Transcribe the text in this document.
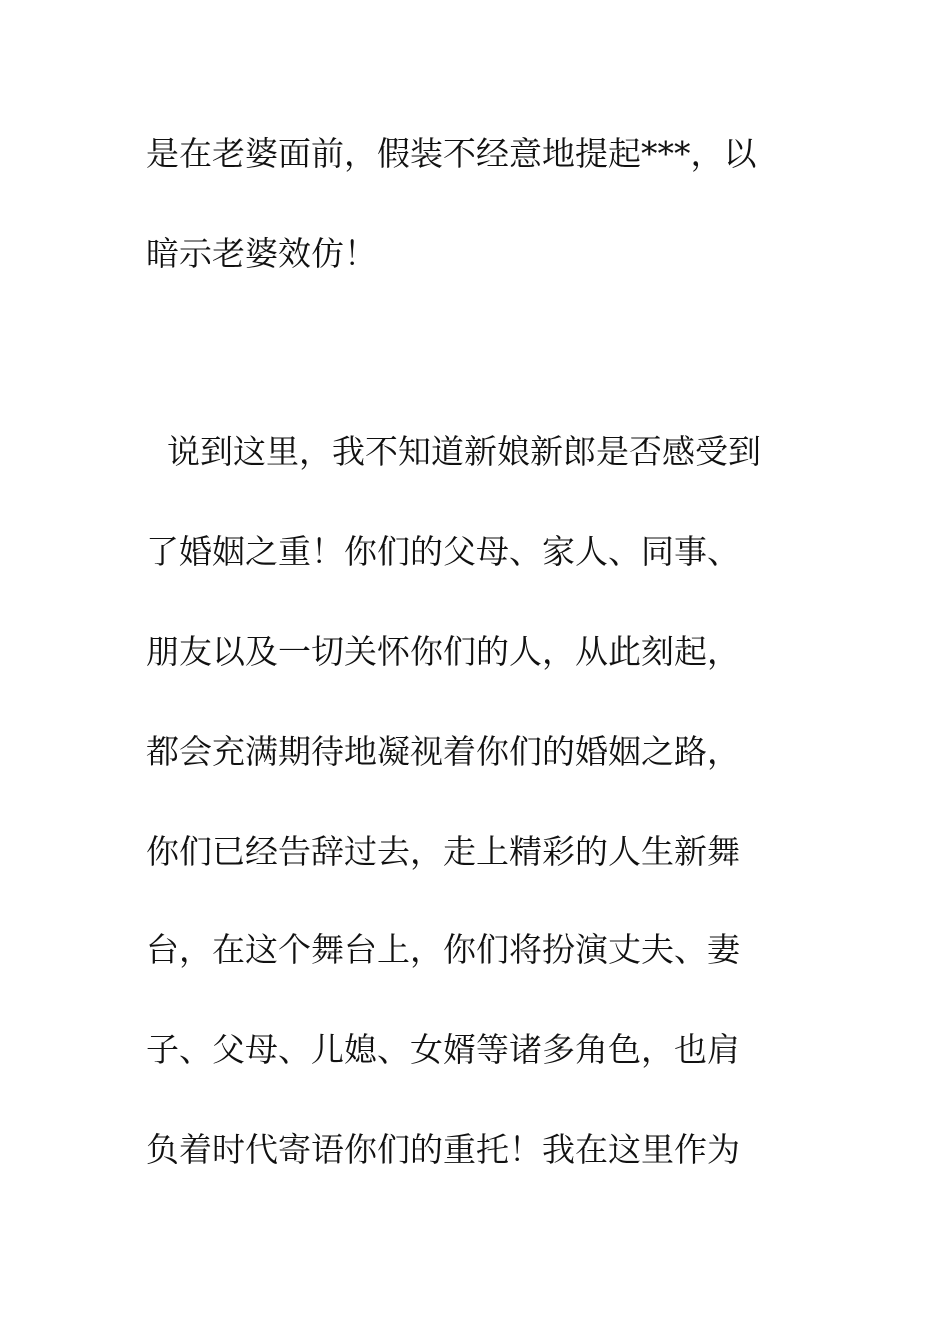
是在老婆面前，假装不经意地提起***，以
暗示老婆效仿！
说到这里，我不知道新娘新郎是否感受到
了婚姻之重！你们的父母、家人、同事、
朋友以及一切关怀你们的人，从此刻起，
都会充满期待地凝视着你们的婚姻之路，
你们已经告辞过去，走上精彩的人生新舞
台，在这个舞台上，你们将扮演丈夫、妻
子、父母、儿媳、女婿等诸多角色，也肩
负着时代寄语你们的重托！我在这里作为
